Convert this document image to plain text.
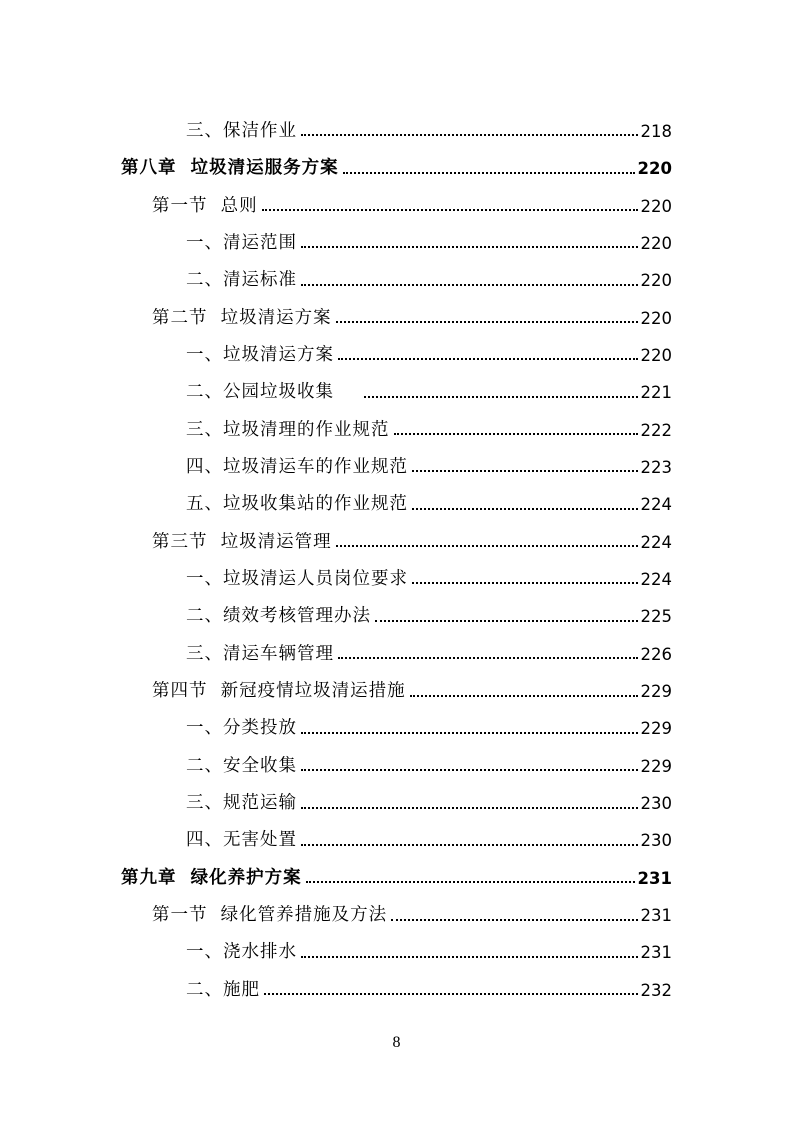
三、保洁作业	218
第八章  垃圾清运服务方案	220
第一节  总则	220
一、清运范围	220
二、清运标准	220
第二节  垃圾清运方案	220
一、垃圾清运方案	220
二、公园垃圾收集	221
三、垃圾清理的作业规范	222
四、垃圾清运车的作业规范	223
五、垃圾收集站的作业规范	224
第三节  垃圾清运管理	224
一、垃圾清运人员岗位要求	224
二、绩效考核管理办法	225
三、清运车辆管理	226
第四节  新冠疫情垃圾清运措施	229
一、分类投放	229
二、安全收集	229
三、规范运输	230
四、无害处置	230
第九章  绿化养护方案	231
第一节  绿化管养措施及方法	231
一、浇水排水	231
二、施肥	232
8
